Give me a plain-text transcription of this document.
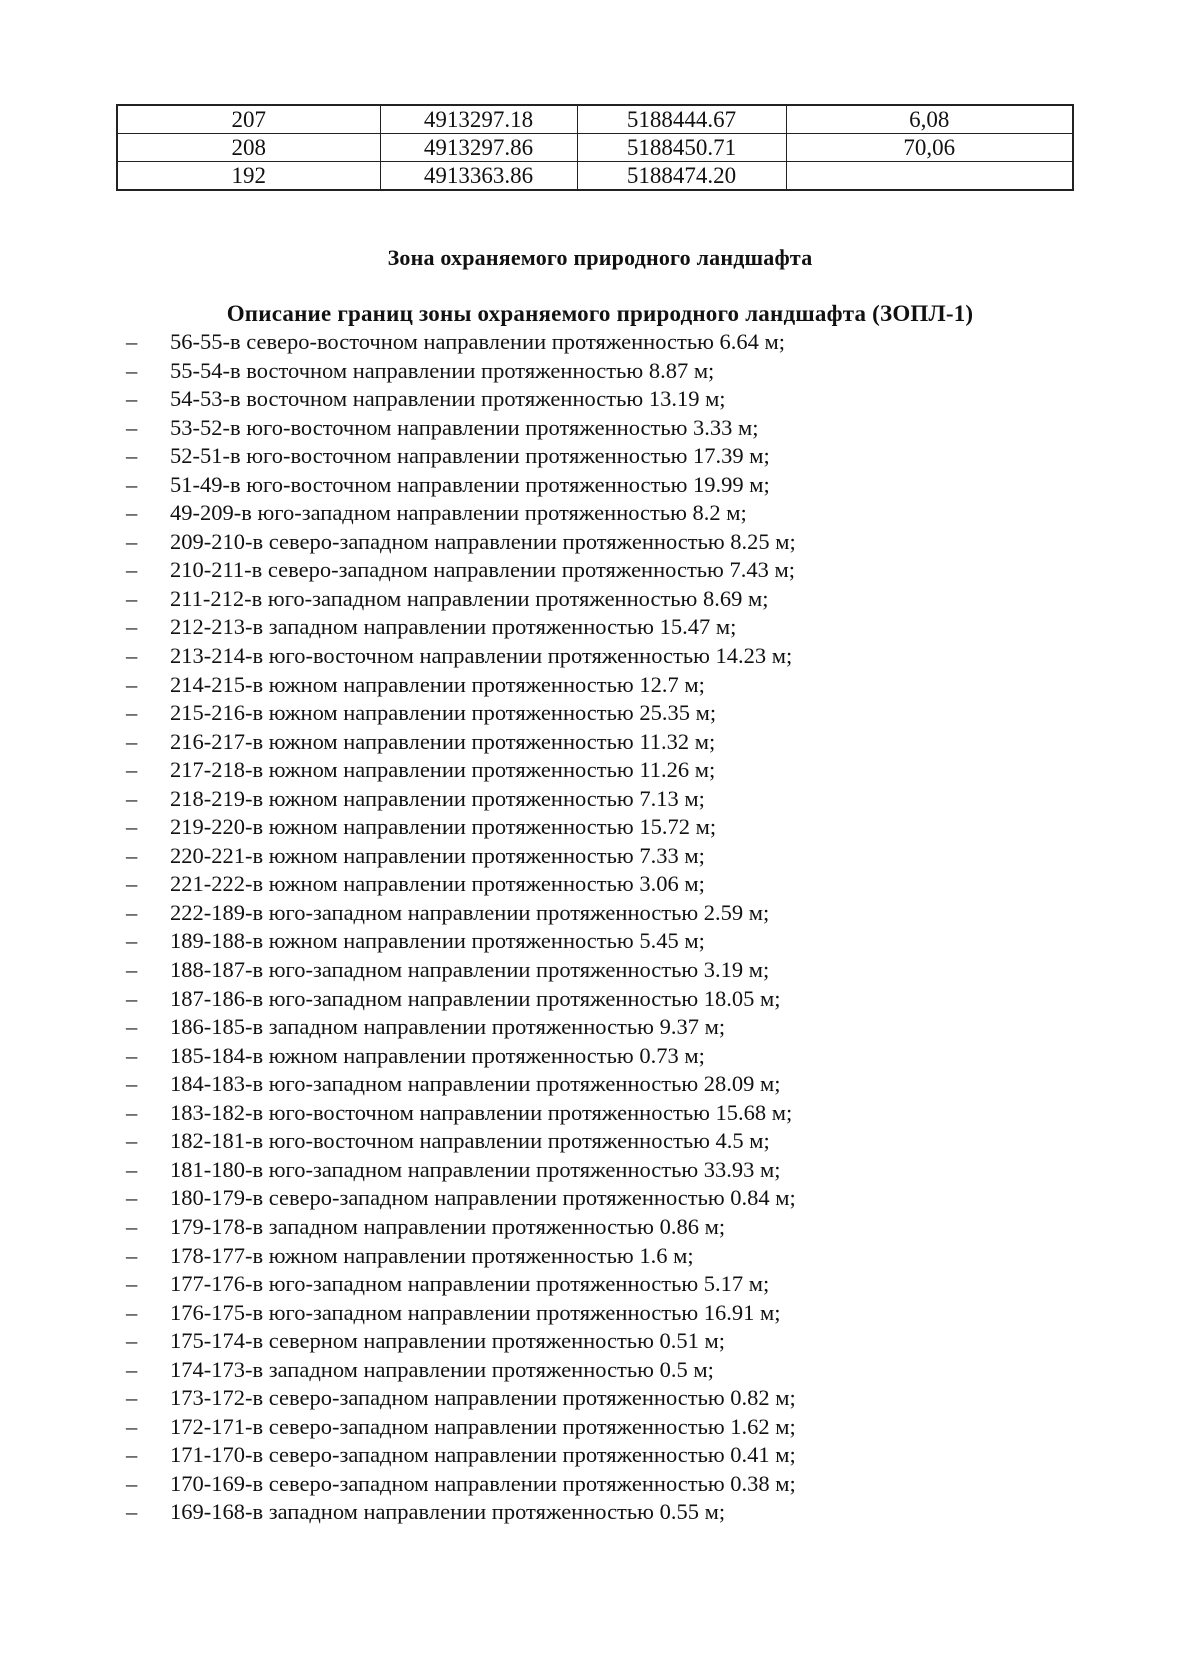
207	4913297.18	5188444.67	6,08
208	4913297.86	5188450.71	70,06
192	4913363.86	5188474.20	
Зона охраняемого природного ландшафта
Описание границ зоны охраняемого природного ландшафта (ЗОПЛ-1)
– 56-55-в северо-восточном направлении протяженностью 6.64 м;
– 55-54-в восточном направлении протяженностью 8.87 м;
– 54-53-в восточном направлении протяженностью 13.19 м;
– 53-52-в юго-восточном направлении протяженностью 3.33 м;
– 52-51-в юго-восточном направлении протяженностью 17.39 м;
– 51-49-в юго-восточном направлении протяженностью 19.99 м;
– 49-209-в юго-западном направлении протяженностью 8.2 м;
– 209-210-в северо-западном направлении протяженностью 8.25 м;
– 210-211-в северо-западном направлении протяженностью 7.43 м;
– 211-212-в юго-западном направлении протяженностью 8.69 м;
– 212-213-в западном направлении протяженностью 15.47 м;
– 213-214-в юго-восточном направлении протяженностью 14.23 м;
– 214-215-в южном направлении протяженностью 12.7 м;
– 215-216-в южном направлении протяженностью 25.35 м;
– 216-217-в южном направлении протяженностью 11.32 м;
– 217-218-в южном направлении протяженностью 11.26 м;
– 218-219-в южном направлении протяженностью 7.13 м;
– 219-220-в южном направлении протяженностью 15.72 м;
– 220-221-в южном направлении протяженностью 7.33 м;
– 221-222-в южном направлении протяженностью 3.06 м;
– 222-189-в юго-западном направлении протяженностью 2.59 м;
– 189-188-в южном направлении протяженностью 5.45 м;
– 188-187-в юго-западном направлении протяженностью 3.19 м;
– 187-186-в юго-западном направлении протяженностью 18.05 м;
– 186-185-в западном направлении протяженностью 9.37 м;
– 185-184-в южном направлении протяженностью 0.73 м;
– 184-183-в юго-западном направлении протяженностью 28.09 м;
– 183-182-в юго-восточном направлении протяженностью 15.68 м;
– 182-181-в юго-восточном направлении протяженностью 4.5 м;
– 181-180-в юго-западном направлении протяженностью 33.93 м;
– 180-179-в северо-западном направлении протяженностью 0.84 м;
– 179-178-в западном направлении протяженностью 0.86 м;
– 178-177-в южном направлении протяженностью 1.6 м;
– 177-176-в юго-западном направлении протяженностью 5.17 м;
– 176-175-в юго-западном направлении протяженностью 16.91 м;
– 175-174-в северном направлении протяженностью 0.51 м;
– 174-173-в западном направлении протяженностью 0.5 м;
– 173-172-в северо-западном направлении протяженностью 0.82 м;
– 172-171-в северо-западном направлении протяженностью 1.62 м;
– 171-170-в северо-западном направлении протяженностью 0.41 м;
– 170-169-в северо-западном направлении протяженностью 0.38 м;
– 169-168-в западном направлении протяженностью 0.55 м;
